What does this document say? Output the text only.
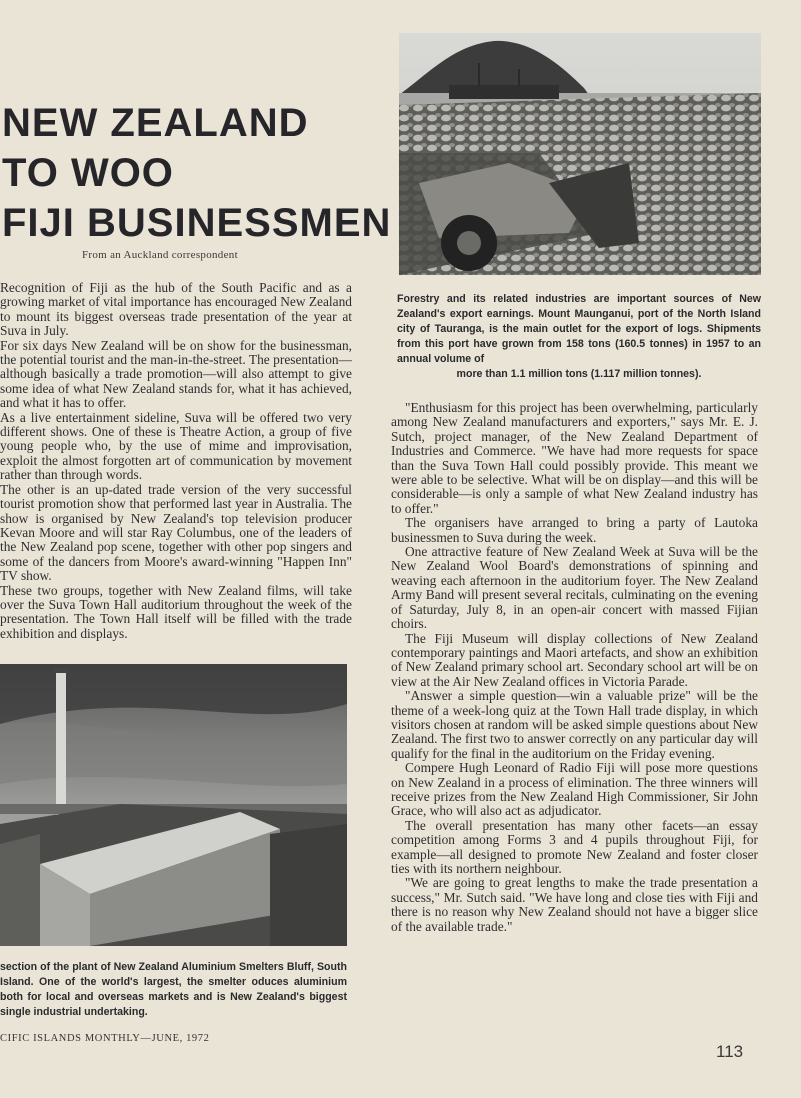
NEW ZEALAND
TO WOO
FIJI BUSINESSMEN
From an Auckland correspondent

Recognition of Fiji as the hub of the South Pacific and as a growing market of vital importance has encouraged New Zealand to mount its biggest overseas trade presentation of the year at Suva in July.

For six days New Zealand will be on show for the businessman, the potential tourist and the man-in-the-street. The presentation—although basically a trade promotion—will also attempt to give some idea of what New Zealand stands for, what it has achieved, and what it has to offer.

As a live entertainment sideline, Suva will be offered two very different shows. One of these is Theatre Action, a group of five young people who, by the use of mime and improvisation, exploit the almost forgotten art of communication by movement rather than through words.

The other is an up-dated trade version of the very successful tourist promotion show that performed last year in Australia. The show is organised by New Zealand's top television producer Kevan Moore and will star Ray Columbus, one of the leaders of the New Zealand pop scene, together with other pop singers and some of the dancers from Moore's award-winning "Happen Inn" TV show.

These two groups, together with New Zealand films, will take over the Suva Town Hall auditorium throughout the week of the presentation. The Town Hall itself will be filled with the trade exhibition and displays.

Forestry and its related industries are important sources of New Zealand's export earnings. Mount Maunganui, port of the North Island city of Tauranga, is the main outlet for the export of logs. Shipments from this port have grown from 158 tons (160.5 tonnes) in 1957 to an annual volume of
more than 1.1 million tons (1.117 million tonnes).

"Enthusiasm for this project has been overwhelming, particularly among New Zealand manufacturers and exporters," says Mr. E. J. Sutch, project manager, of the New Zealand Department of Industries and Commerce. "We have had more requests for space than the Suva Town Hall could possibly provide. This meant we were able to be selective. What will be on display—and this will be considerable—is only a sample of what New Zealand industry has to offer."

The organisers have arranged to bring a party of Lautoka businessmen to Suva during the week.

One attractive feature of New Zealand Week at Suva will be the New Zealand Wool Board's demonstrations of spinning and weaving each afternoon in the auditorium foyer. The New Zealand Army Band will present several recitals, culminating on the evening of Saturday, July 8, in an open-air concert with massed Fijian choirs.

The Fiji Museum will display collections of New Zealand contemporary paintings and Maori artefacts, and show an exhibition of New Zealand primary school art. Secondary school art will be on view at the Air New Zealand offices in Victoria Parade.

"Answer a simple question—win a valuable prize" will be the theme of a week-long quiz at the Town Hall trade display, in which visitors chosen at random will be asked simple questions about New Zealand. The first two to answer correctly on any particular day will qualify for the final in the auditorium on the Friday evening.

Compere Hugh Leonard of Radio Fiji will pose more questions on New Zealand in a process of elimination. The three winners will receive prizes from the New Zealand High Commissioner, Sir John Grace, who will also act as adjudicator.

The overall presentation has many other facets—an essay competition among Forms 3 and 4 pupils throughout Fiji, for example—all designed to promote New Zealand and foster closer ties with its northern neighbour.

"We are going to great lengths to make the trade presentation a success," Mr. Sutch said. "We have long and close ties with Fiji and there is no reason why New Zealand should not have a bigger slice of the available trade."

section of the plant of New Zealand Aluminium Smelters Bluff, South Island. One of the world's largest, the smelter oduces aluminium both for local and overseas markets and is New Zealand's biggest single industrial undertaking.
CIFIC ISLANDS MONTHLY—JUNE, 1972
113
